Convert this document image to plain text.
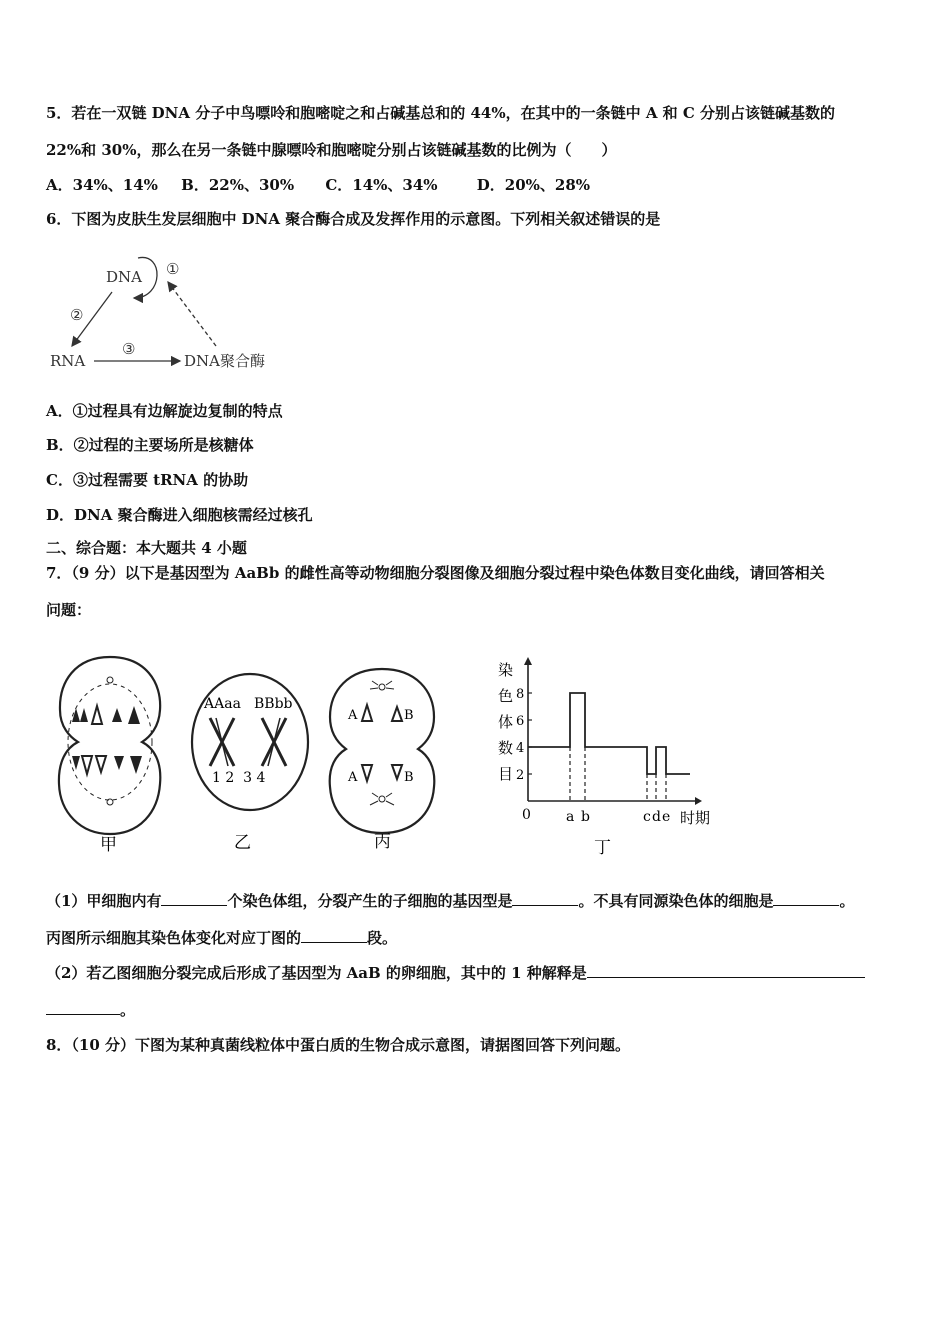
5．若在一双链 DNA 分子中鸟嘌呤和胞嘧啶之和占碱基总和的 44%，在其中的一条链中 A 和 C 分别占该链碱基数的
22%和 30%，那么在另一条链中腺嘌呤和胞嘧啶分别占该链碱基数的比例为（　　）
A．34%、14% B．22%、30% C．14%、34%	D．20%、28%
6．下图为皮肤生发层细胞中 DNA 聚合酶合成及发挥作用的示意图。下列相关叙述错误的是
DNA ①
②
RNA
③
DNA聚合酶
A．①过程具有边解旋边复制的特点
B．②过程的主要场所是核糖体
C．③过程需要 tRNA 的协助
D．DNA 聚合酶进入细胞核需经过核孔
二、综合题：本大题共 4 小题
7．（9 分）以下是基因型为 AaBb 的雌性高等动物细胞分裂图像及细胞分裂过程中染色体数目变化曲线，请回答相关
问题：
甲
AAaa BBbb
1 2  3 4
乙
A	B
A	B
丙
染
色
体
数
目 2
4
6
8
0	a b	c d e 时期
丁
（1）甲细胞内有	个染色体组，分裂产生的子细胞的基因型是	。不具有同源染色体的细胞是	。
丙图所示细胞其染色体变化对应丁图的	段。
（2）若乙图细胞分裂完成后形成了基因型为 AaB 的卵细胞，其中的 1 种解释是
。
8．（10 分）下图为某种真菌线粒体中蛋白质的生物合成示意图，请据图回答下列问题。
